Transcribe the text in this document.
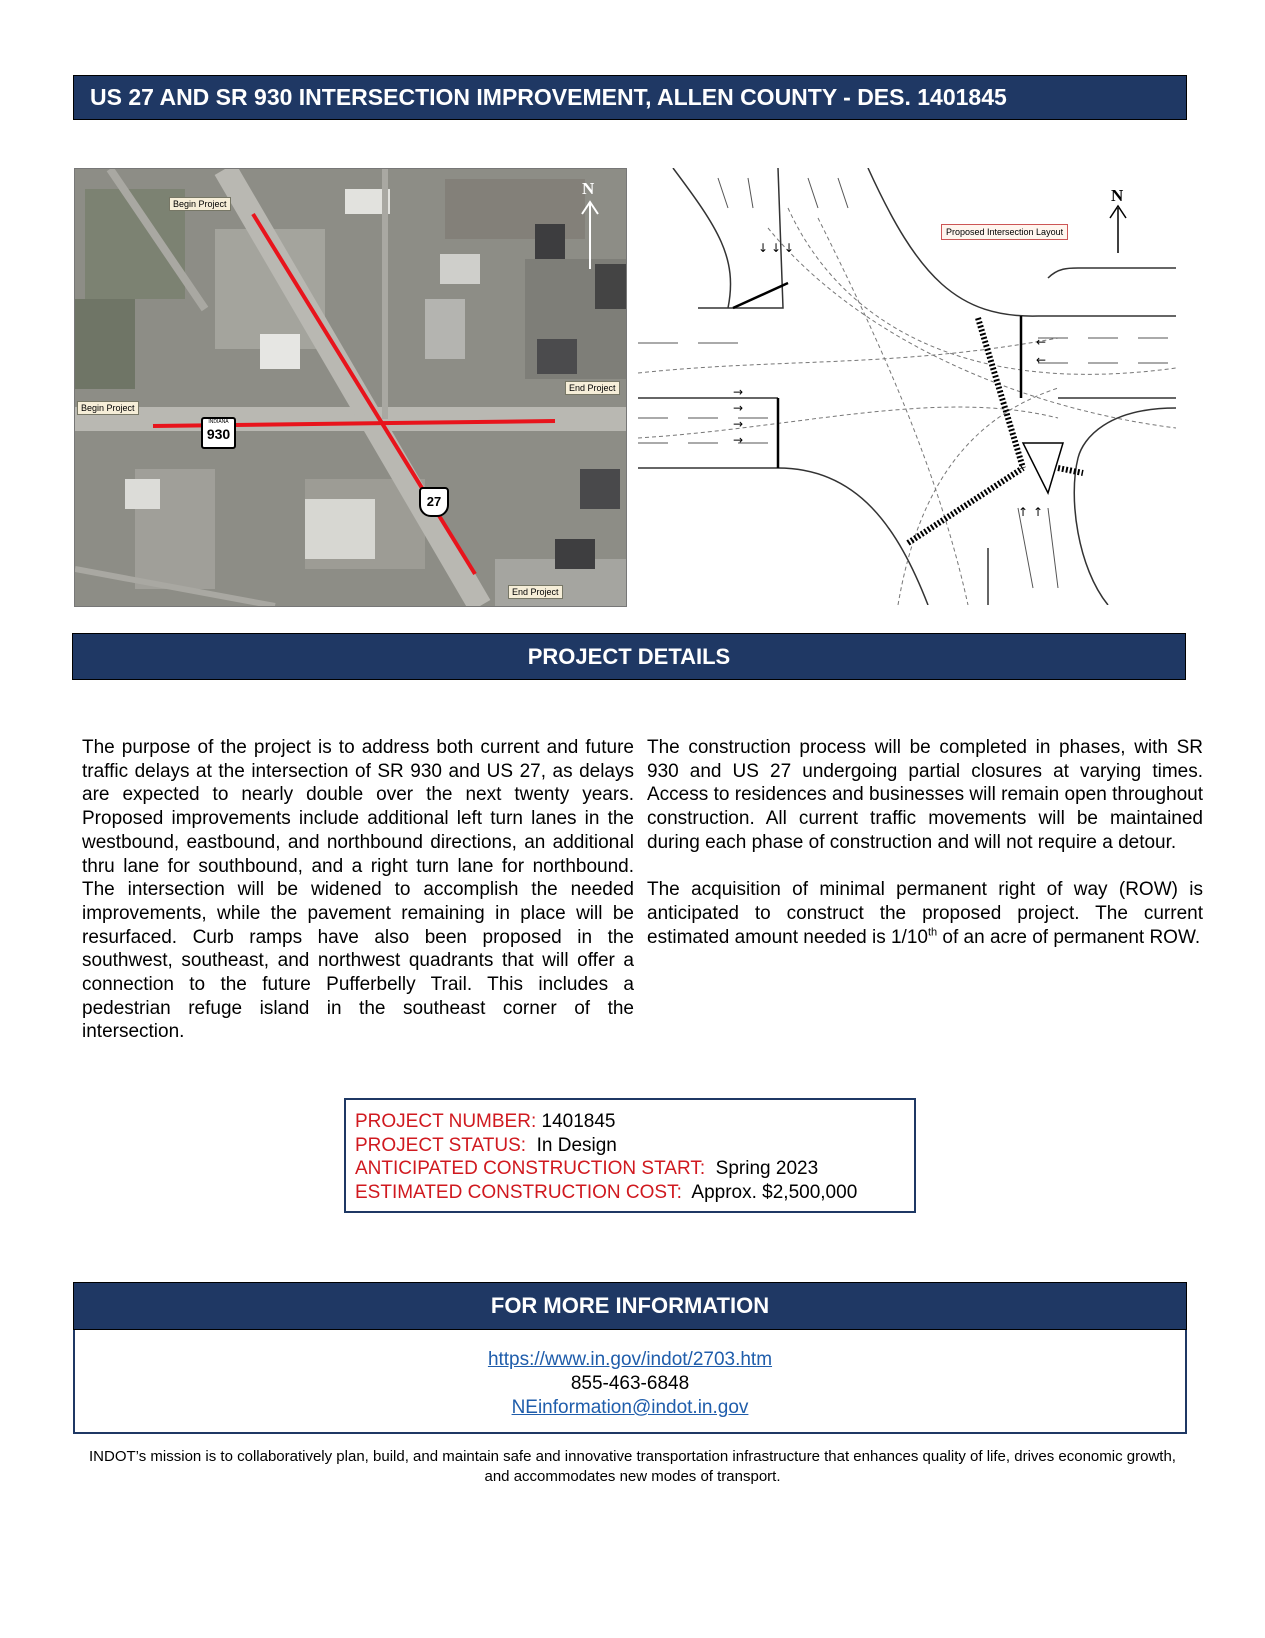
US 27 AND SR 930 INTERSECTION IMPROVEMENT, ALLEN COUNTY - DES. 1401845
Begin Project
Begin Project
End Project
End Project
N
INDIANA
930
27
→
→
→
→
←
←
↑ ↑
↓ ↓ ↓
Proposed Intersection Layout
N
PROJECT DETAILS

The purpose of the project is to address both current and future traffic delays at the intersection of SR 930 and US 27, as delays are expected to nearly double over the next twenty years. Proposed improvements include additional left turn lanes in the westbound, eastbound, and northbound directions, an additional thru lane for southbound, and a right turn lane for northbound. The intersection will be widened to accomplish the needed improvements, while the pavement remaining in place will be resurfaced. Curb ramps have also been proposed in the southwest, southeast, and northwest quadrants that will offer a connection to the future Pufferbelly Trail. This includes a pedestrian refuge island in the southeast corner of the intersection.

The construction process will be completed in phases, with SR 930 and US 27 undergoing partial closures at varying times. Access to residences and businesses will remain open throughout construction. All current traffic movements will be maintained during each phase of construction and will not require a detour.

The acquisition of minimal permanent right of way (ROW) is anticipated to construct the proposed project. The current estimated amount needed is 1/10th of an acre of permanent ROW.

PROJECT NUMBER: 1401845
PROJECT STATUS: In Design
ANTICIPATED CONSTRUCTION START: Spring 2023
ESTIMATED CONSTRUCTION COST: Approx. $2,500,000
FOR MORE INFORMATION
https://www.in.gov/indot/2703.htm
855-463-6848
NEinformation@indot.in.gov
INDOT’s mission is to collaboratively plan, build, and maintain safe and innovative transportation infrastructure that enhances quality of life, drives economic growth, and accommodates new modes of transport.
